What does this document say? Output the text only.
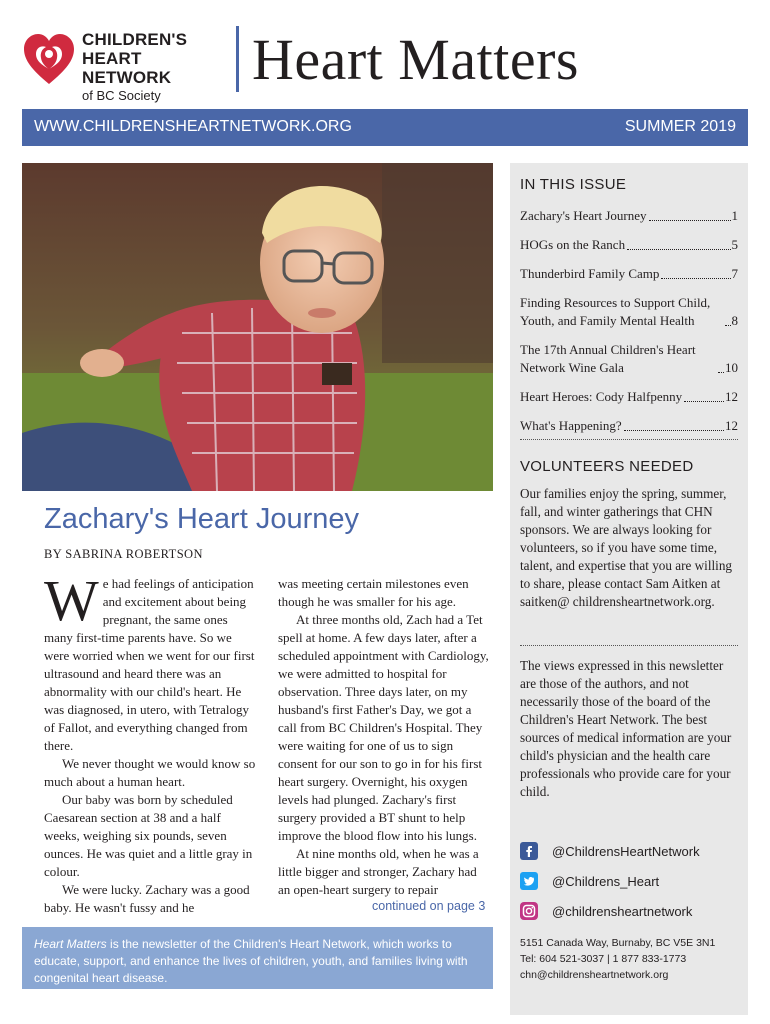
CHILDREN'S
HEART NETWORK
of BC Society
Heart Matters
WWW.CHILDRENSHEARTNETWORK.ORG	SUMMER 2019
Zachary's Heart Journey
BY SABRINA ROBERTSON

We had feelings of anticipation and excitement about being pregnant, the same ones many first-time parents have. So we were worried when we went for our first ultrasound and heard there was an abnormality with our child's heart. He was diagnosed, in utero, with Tetralogy of Fallot, and everything changed from there.

We never thought we would know so much about a human heart.

Our baby was born by scheduled Caesarean section at 38 and a half weeks, weighing six pounds, seven ounces. He was quiet and a little gray in colour.

We were lucky. Zachary was a good baby. He wasn't fussy and he

was meeting certain milestones even though he was smaller for his age.

At three months old, Zach had a Tet spell at home. A few days later, after a scheduled appointment with Cardiology, we were admitted to hospital for observation. Three days later, on my husband's first Father's Day, we got a call from BC Children's Hospital. They were waiting for one of us to sign consent for our son to go in for his first heart surgery. Overnight, his oxygen levels had plunged. Zachary's first surgery provided a BT shunt to help improve the blood flow into his lungs.

At nine months old, when he was a little bigger and stronger, Zachary had an open-heart surgery to repair

continued on page 3
Heart Matters is the newsletter of the Children's Heart Network, which works to educate, support, and enhance the lives of children, youth, and families living with congenital heart disease.
IN THIS ISSUE
Zachary's Heart Journey	1
HOGs on the Ranch	5
Thunderbird Family Camp	7
Finding Resources to Support Child, Youth, and Family Mental Health	8
The 17th Annual Children's Heart Network Wine Gala	10
Heart Heroes: Cody Halfpenny	12
What's Happening?	12
VOLUNTEERS NEEDED
Our families enjoy the spring, summer, fall, and winter gatherings that CHN sponsors. We are always looking for volunteers, so if you have some time, talent, and expertise that you are willing to share, please contact Sam Aitken at saitken@ childrensheartnetwork.org.
The views expressed in this newsletter are those of the authors, and not necessarily those of the board of the Children's Heart Network. The best sources of medical information are your child's physician and the health care professionals who provide care for your child.
@ChildrensHeartNetwork
@Childrens_Heart
@childrensheartnetwork
5151 Canada Way, Burnaby, BC V5E 3N1
Tel: 604 521-3037 | 1 877 833-1773
chn@childrensheartnetwork.org
